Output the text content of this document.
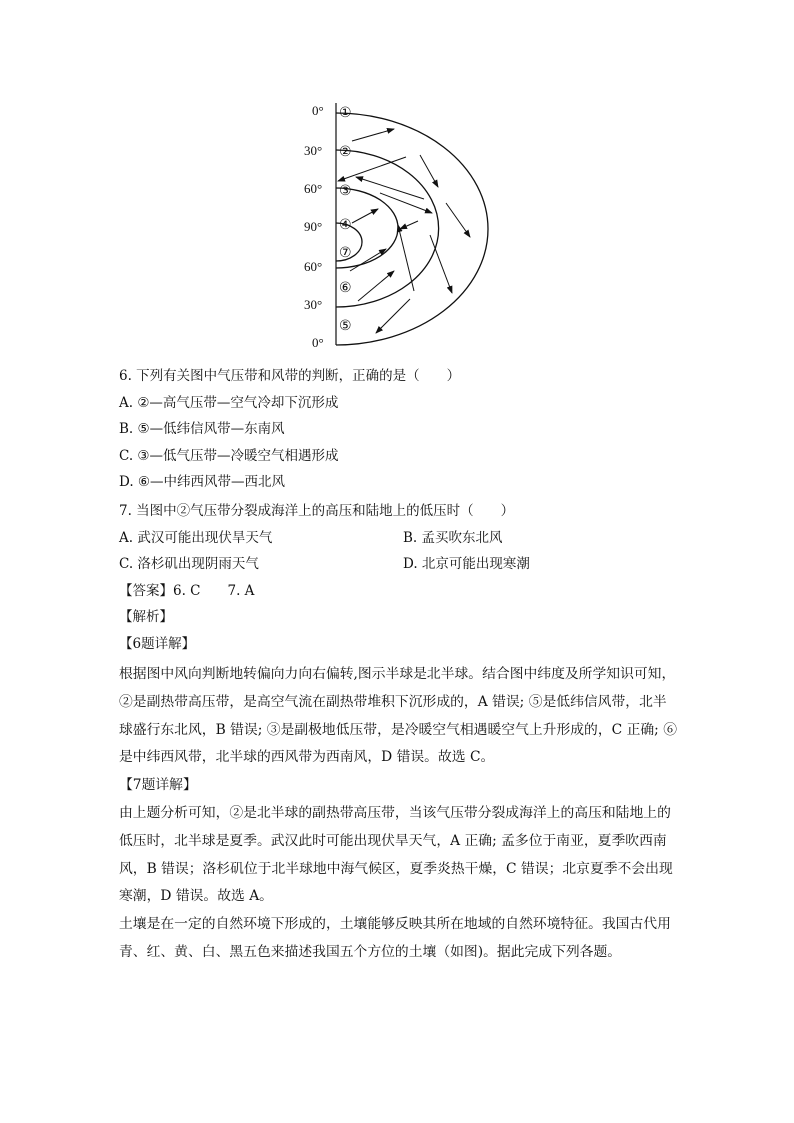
0°
30°
60°
90°
60°
30°
0°
①
②
③
④
⑦
⑥
⑤
6. 下列有关图中气压带和风带的判断，正确的是（　　）
A. ②—高气压带—空气冷却下沉形成
B. ⑤—低纬信风带—东南风
C. ③—低气压带—冷暖空气相遇形成
D. ⑥—中纬西风带—西北风
7. 当图中②气压带分裂成海洋上的高压和陆地上的低压时（　　）
A. 武汉可能出现伏旱天气	B. 孟买吹东北风
C. 洛杉矶出现阴雨天气	D. 北京可能出现寒潮
【答案】6. C　　7. A
【解析】
【6题详解】
根据图中风向判断地转偏向力向右偏转,图示半球是北半球。结合图中纬度及所学知识可知，
②是副热带高压带，是高空气流在副热带堆积下沉形成的，A 错误; ⑤是低纬信风带，北半
球盛行东北风，B 错误; ③是副极地低压带，是冷暖空气相遇暖空气上升形成的，C 正确; ⑥
是中纬西风带，北半球的西风带为西南风，D 错误。故选 C。
【7题详解】
由上题分析可知，②是北半球的副热带高压带，当该气压带分裂成海洋上的高压和陆地上的
低压时，北半球是夏季。武汉此时可能出现伏旱天气，A 正确; 孟多位于南亚，夏季吹西南
风，B 错误；洛杉矶位于北半球地中海气候区，夏季炎热干燥，C 错误；北京夏季不会出现
寒潮，D 错误。故选 A。
土壤是在一定的自然环境下形成的，土壤能够反映其所在地域的自然环境特征。我国古代用
青、红、黄、白、黑五色来描述我国五个方位的土壤（如图)。据此完成下列各题。
